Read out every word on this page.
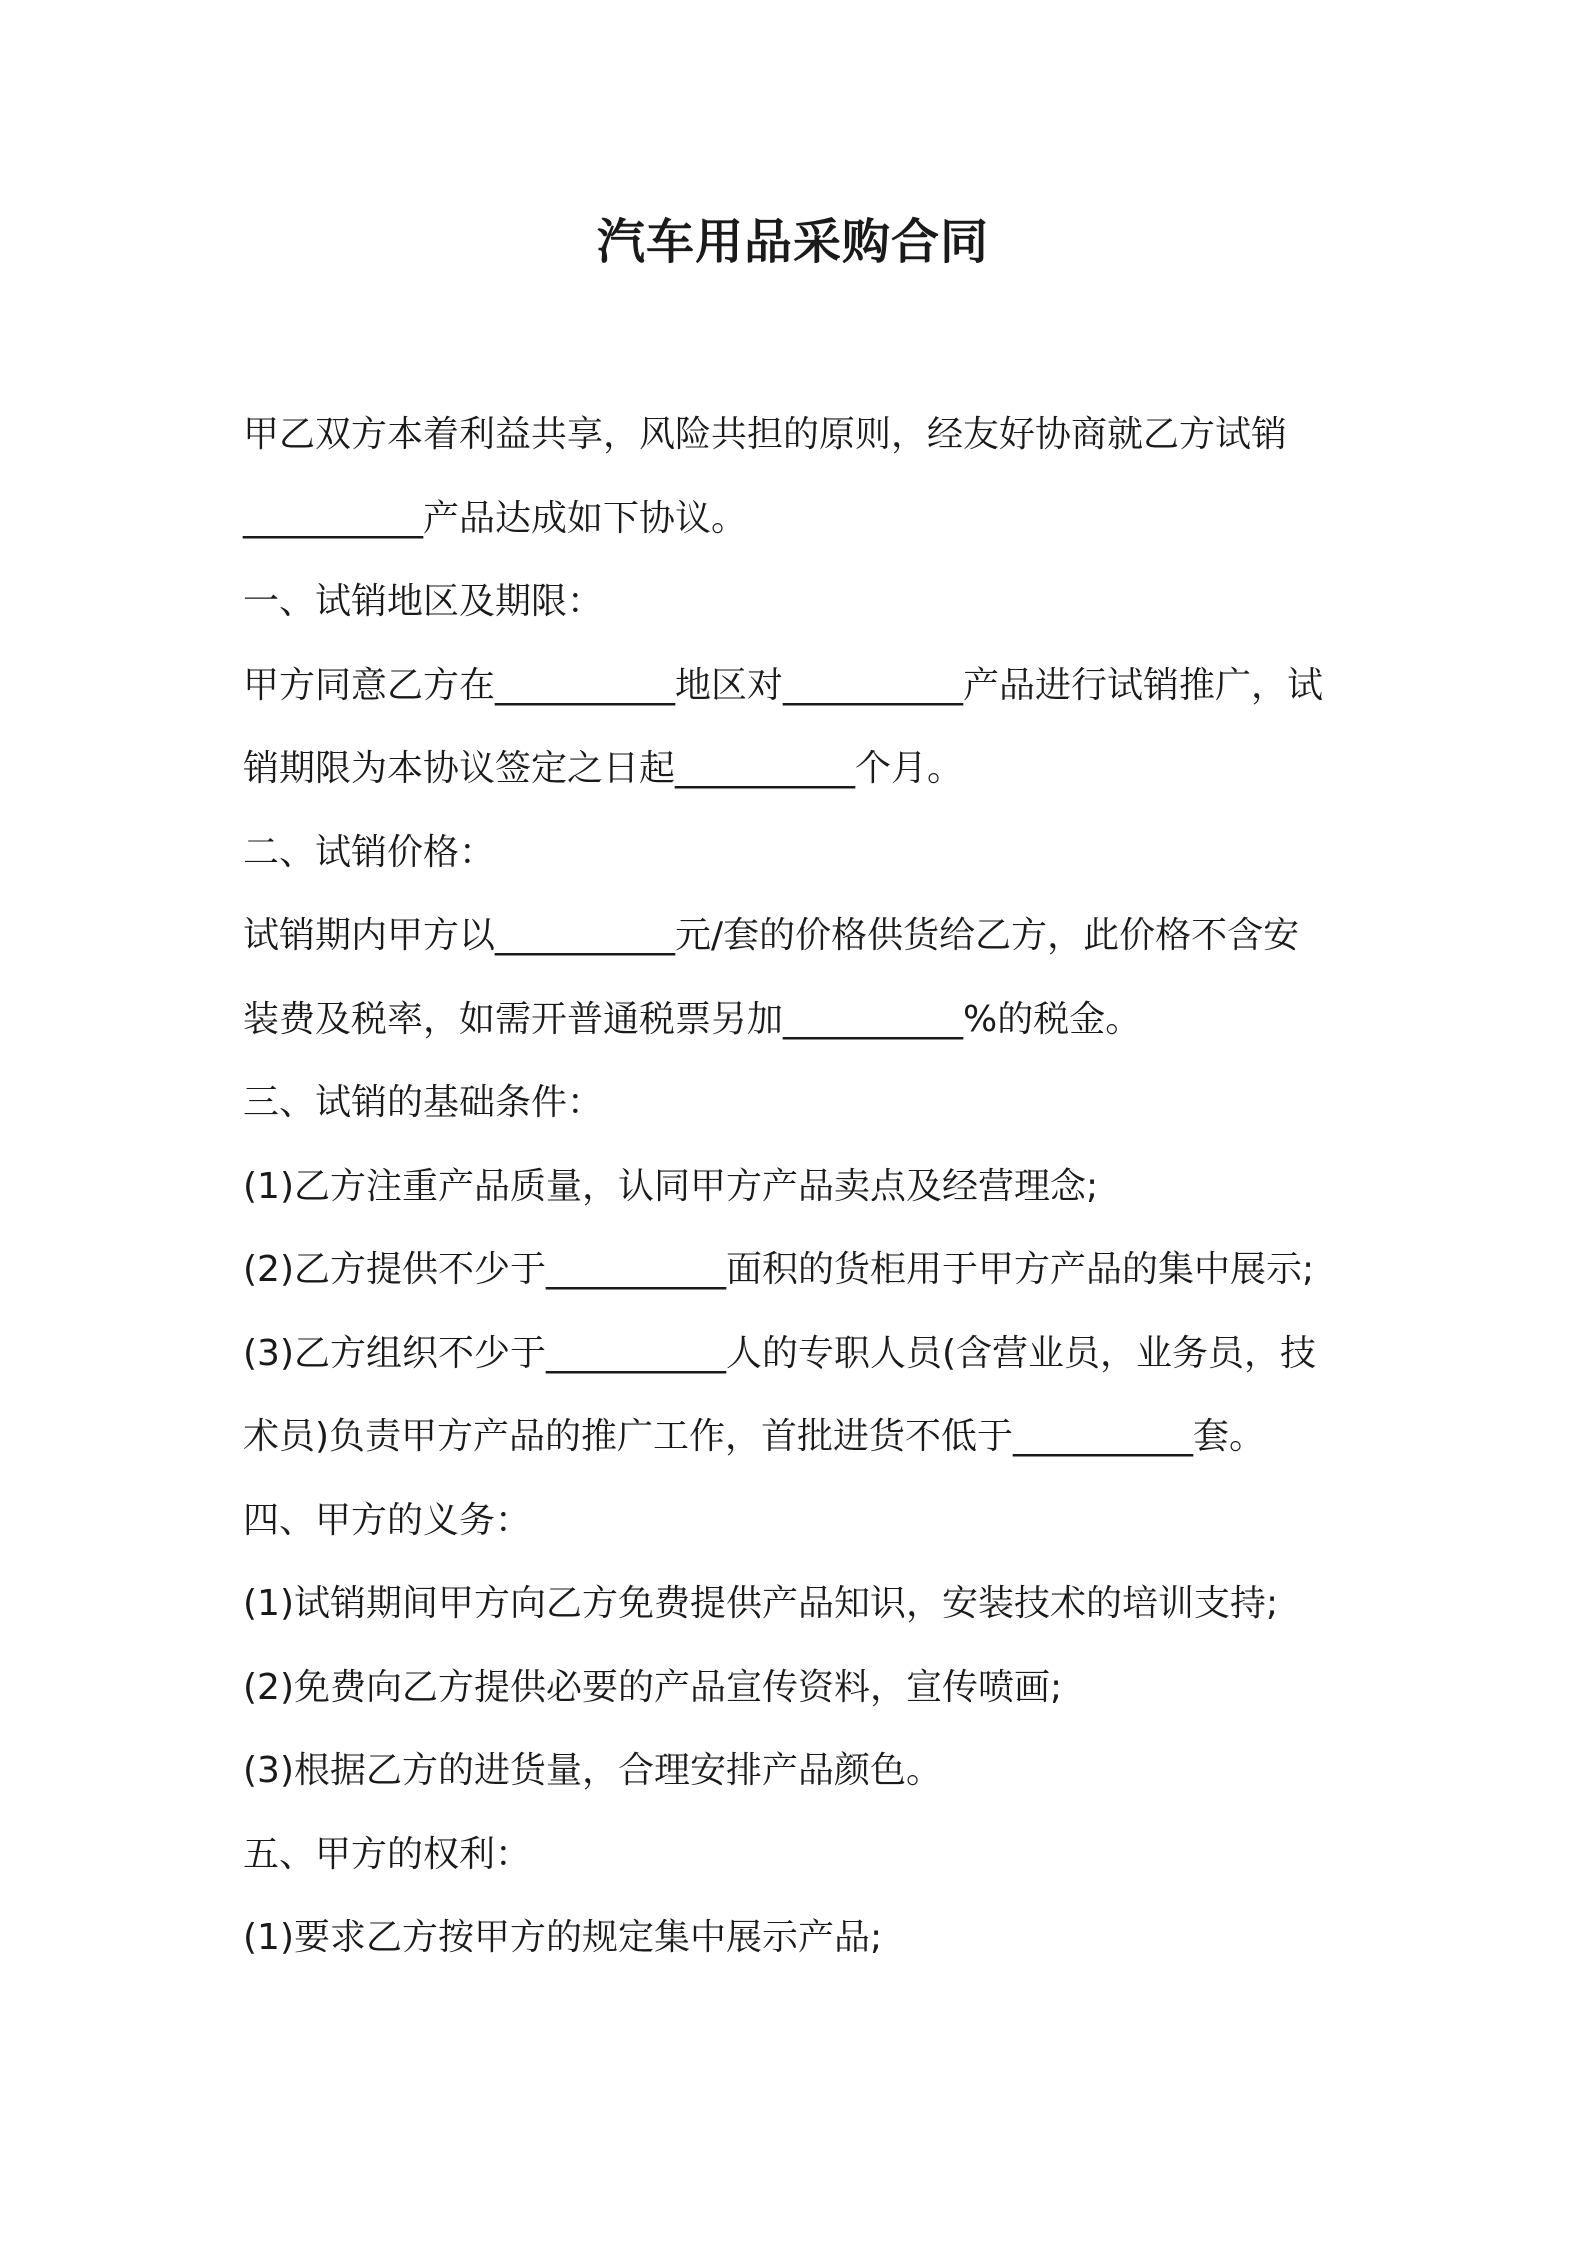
汽车用品采购合同

甲乙双方本着利益共享，风险共担的原则，经友好协商就乙方试销

__________产品达成如下协议。

一、试销地区及期限：

甲方同意乙方在__________地区对__________产品进行试销推广，试

销期限为本协议签定之日起__________个月。

二、试销价格：

试销期内甲方以__________元/套的价格供货给乙方，此价格不含安

装费及税率，如需开普通税票另加__________%的税金。

三、试销的基础条件：

(1)乙方注重产品质量，认同甲方产品卖点及经营理念;

(2)乙方提供不少于__________面积的货柜用于甲方产品的集中展示;

(3)乙方组织不少于__________人的专职人员(含营业员，业务员，技

术员)负责甲方产品的推广工作，首批进货不低于__________套。

四、甲方的义务：

(1)试销期间甲方向乙方免费提供产品知识，安装技术的培训支持;

(2)免费向乙方提供必要的产品宣传资料，宣传喷画;

(3)根据乙方的进货量，合理安排产品颜色。

五、甲方的权利：

(1)要求乙方按甲方的规定集中展示产品;
